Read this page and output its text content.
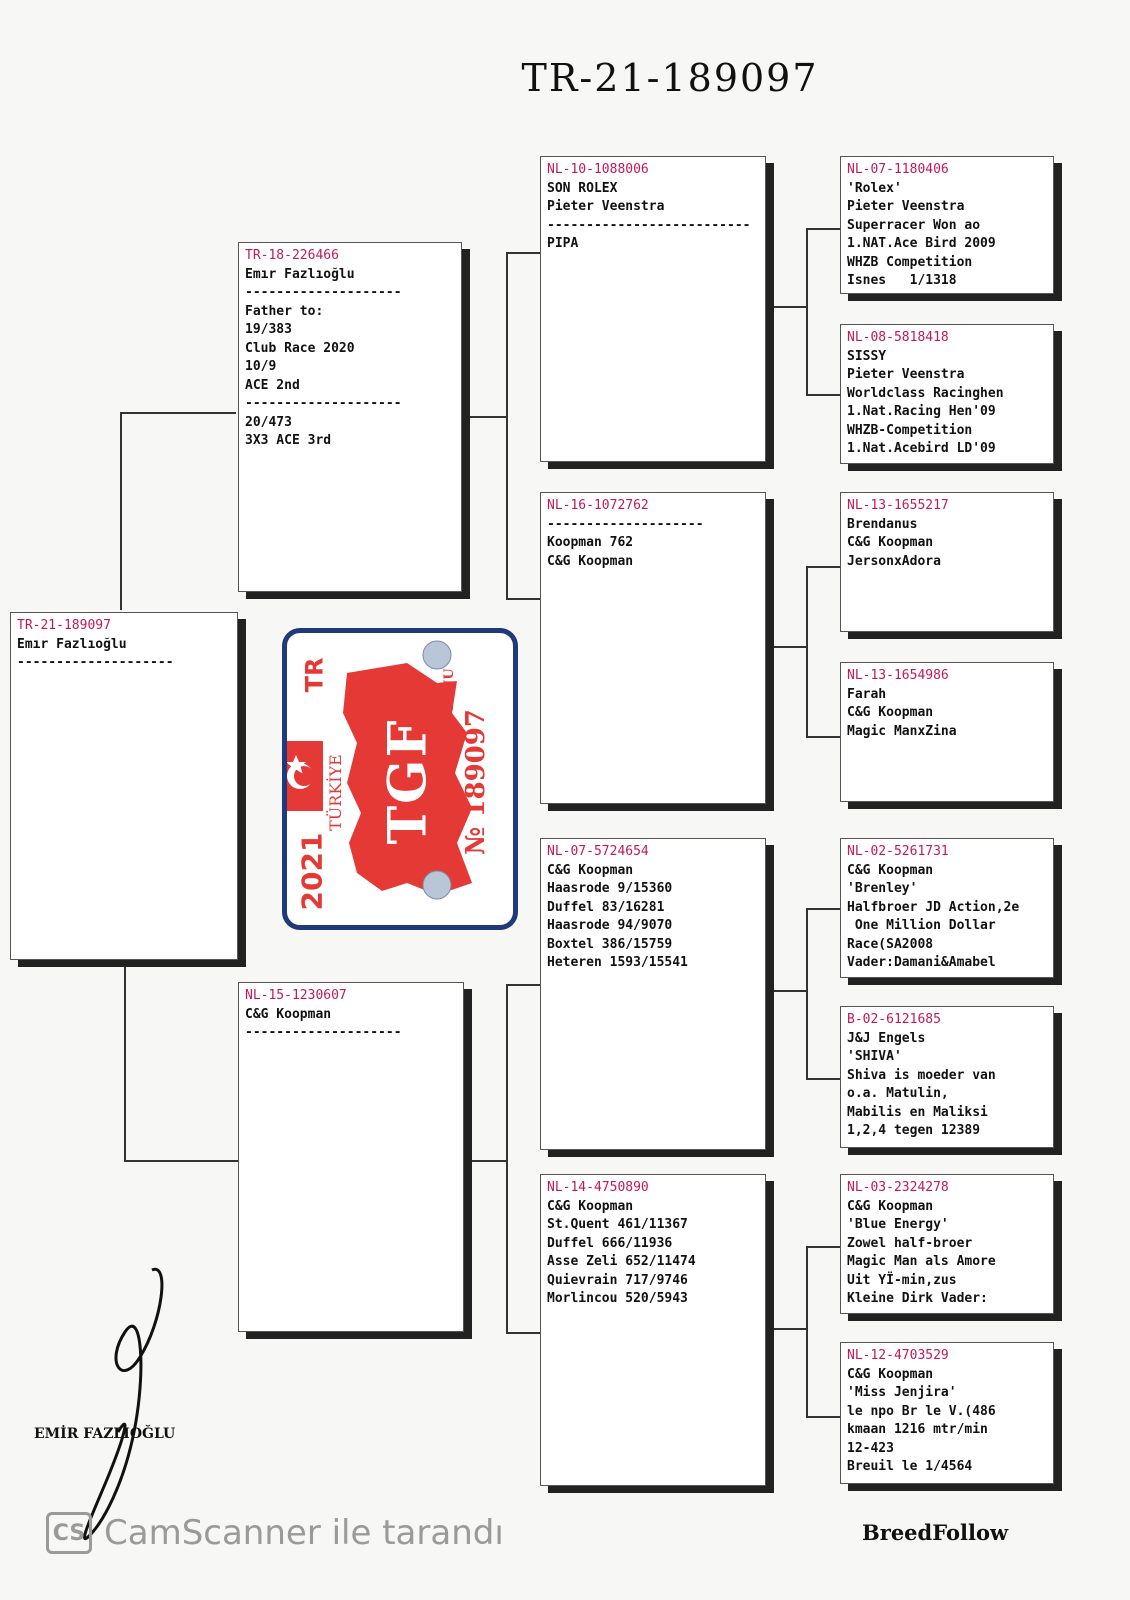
TR-21-189097
TR-21-189097
Emır Fazlıoğlu
--------------------
TR-18-226466
Emır Fazlıoğlu
--------------------
Father to:
19/383
Club Race 2020
10/9
ACE 2nd
--------------------
20/473
3X3 ACE 3rd
NL-15-1230607
C&G Koopman
--------------------
NL-10-1088006
SON ROLEX
Pieter Veenstra
--------------------------
PIPA
NL-16-1072762
--------------------
Koopman 762
C&G Koopman
NL-07-5724654
C&G Koopman
Haasrode 9/15360
Duffel 83/16281
Haasrode 94/9070
Boxtel 386/15759
Heteren 1593/15541
NL-14-4750890
C&G Koopman
St.Quent 461/11367
Duffel 666/11936
Asse Zeli 652/11474
Quievrain 717/9746
Morlincou 520/5943
NL-07-1180406
'Rolex'
Pieter Veenstra
Superracer Won ao
1.NAT.Ace Bird 2009
WHZB Competition
Isnes   1/1318
NL-08-5818418
SISSY
Pieter Veenstra
Worldclass Racinghen
1.Nat.Racing Hen'09
WHZB-Competition
1.Nat.Acebird LD'09
NL-13-1655217
Brendanus
C&G Koopman
JersonxAdora
NL-13-1654986
Farah
C&G Koopman
Magic ManxZina
NL-02-5261731
C&G Koopman
'Brenley'
Halfbroer JD Action,2e
One Million Dollar
Race(SA2008
Vader:Damani&Amabel
B-02-6121685
J&J Engels
'SHIVA'
Shiva is moeder van
o.a. Matulin,
Mabilis en Maliksi
1,2,4 tegen 12389
NL-03-2324278
C&G Koopman
'Blue Energy'
Zowel half-broer
Magic Man als Amore
Uit YÏ-min,zus
Kleine Dirk Vader:
NL-12-4703529
C&G Koopman
'Miss Jenjira'
le npo Br le V.(486
kmaan 1216 mtr/min
12-423
Breuil le 1/4564
2021
TÜRKİYE
TR
TGF GÜVERCİN FEDERASYONU № 189097
EMİR FAZLIOĞLU
CS CamScanner ile tarandı	BreedFollow
